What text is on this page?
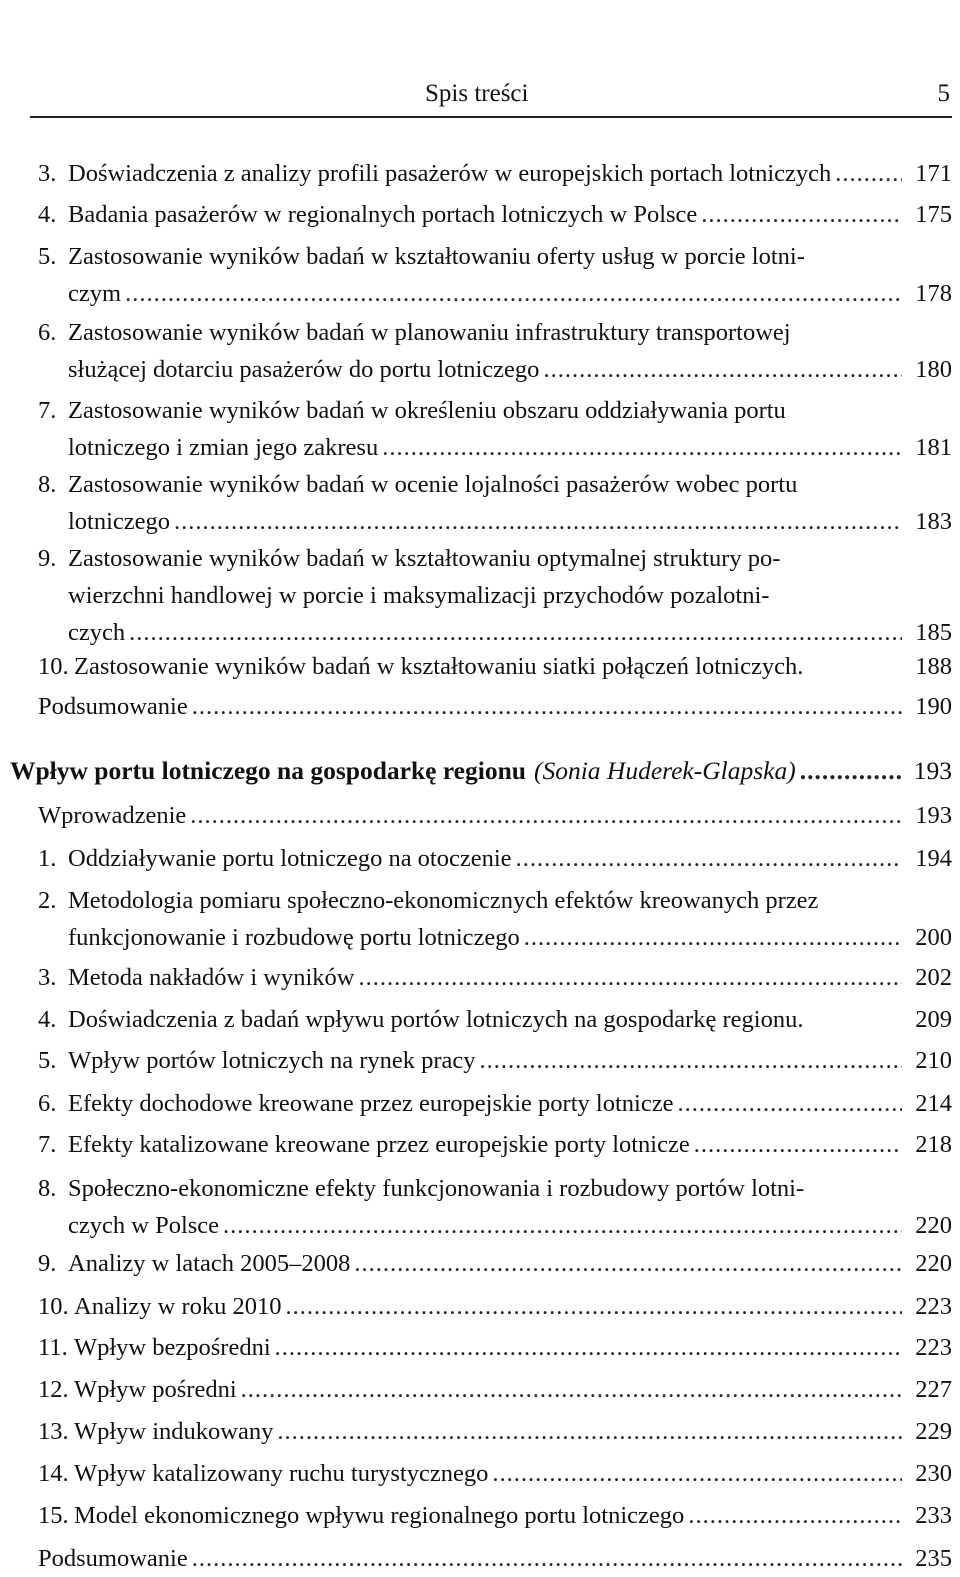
Spis treści	5
3. Doświadczenia z analizy profili pasażerów w europejskich portach lotniczych .....	171
4. Badania pasażerów w regionalnych portach lotniczych w Polsce .....	175
5. Zastosowanie wyników badań w kształtowaniu oferty usług w porcie lotni-
czym .....	178
6. Zastosowanie wyników badań w planowaniu infrastruktury transportowej
służącej dotarciu pasażerów do portu lotniczego .....	180
7. Zastosowanie wyników badań w określeniu obszaru oddziaływania portu
lotniczego i zmian jego zakresu .....	181
8. Zastosowanie wyników badań w ocenie lojalności pasażerów wobec portu
lotniczego .....	183
9. Zastosowanie wyników badań w kształtowaniu optymalnej struktury po-
wierzchni handlowej w porcie i maksymalizacji przychodów pozalotni-
czych .....	185
10. Zastosowanie wyników badań w kształtowaniu siatki połączeń lotniczych.	188
Podsumowanie .....	190
Wpływ portu lotniczego na gospodarkę regionu (Sonia Huderek-Glapska) .....	193
Wprowadzenie .....	193
1. Oddziaływanie portu lotniczego na otoczenie .....	194
2. Metodologia pomiaru społeczno-ekonomicznych efektów kreowanych przez
funkcjonowanie i rozbudowę portu lotniczego .....	200
3. Metoda nakładów i wyników .....	202
4. Doświadczenia z badań wpływu portów lotniczych na gospodarkę regionu.	209
5. Wpływ portów lotniczych na rynek pracy .....	210
6. Efekty dochodowe kreowane przez europejskie porty lotnicze .....	214
7. Efekty katalizowane kreowane przez europejskie porty lotnicze .....	218
8. Społeczno-ekonomiczne efekty funkcjonowania i rozbudowy portów lotni-
czych w Polsce .....	220
9. Analizy w latach 2005–2008 .....	220
10. Analizy w roku 2010 .....	223
11. Wpływ bezpośredni .....	223
12. Wpływ pośredni .....	227
13. Wpływ indukowany .....	229
14. Wpływ katalizowany ruchu turystycznego .....	230
15. Model ekonomicznego wpływu regionalnego portu lotniczego .....	233
Podsumowanie .....	235
